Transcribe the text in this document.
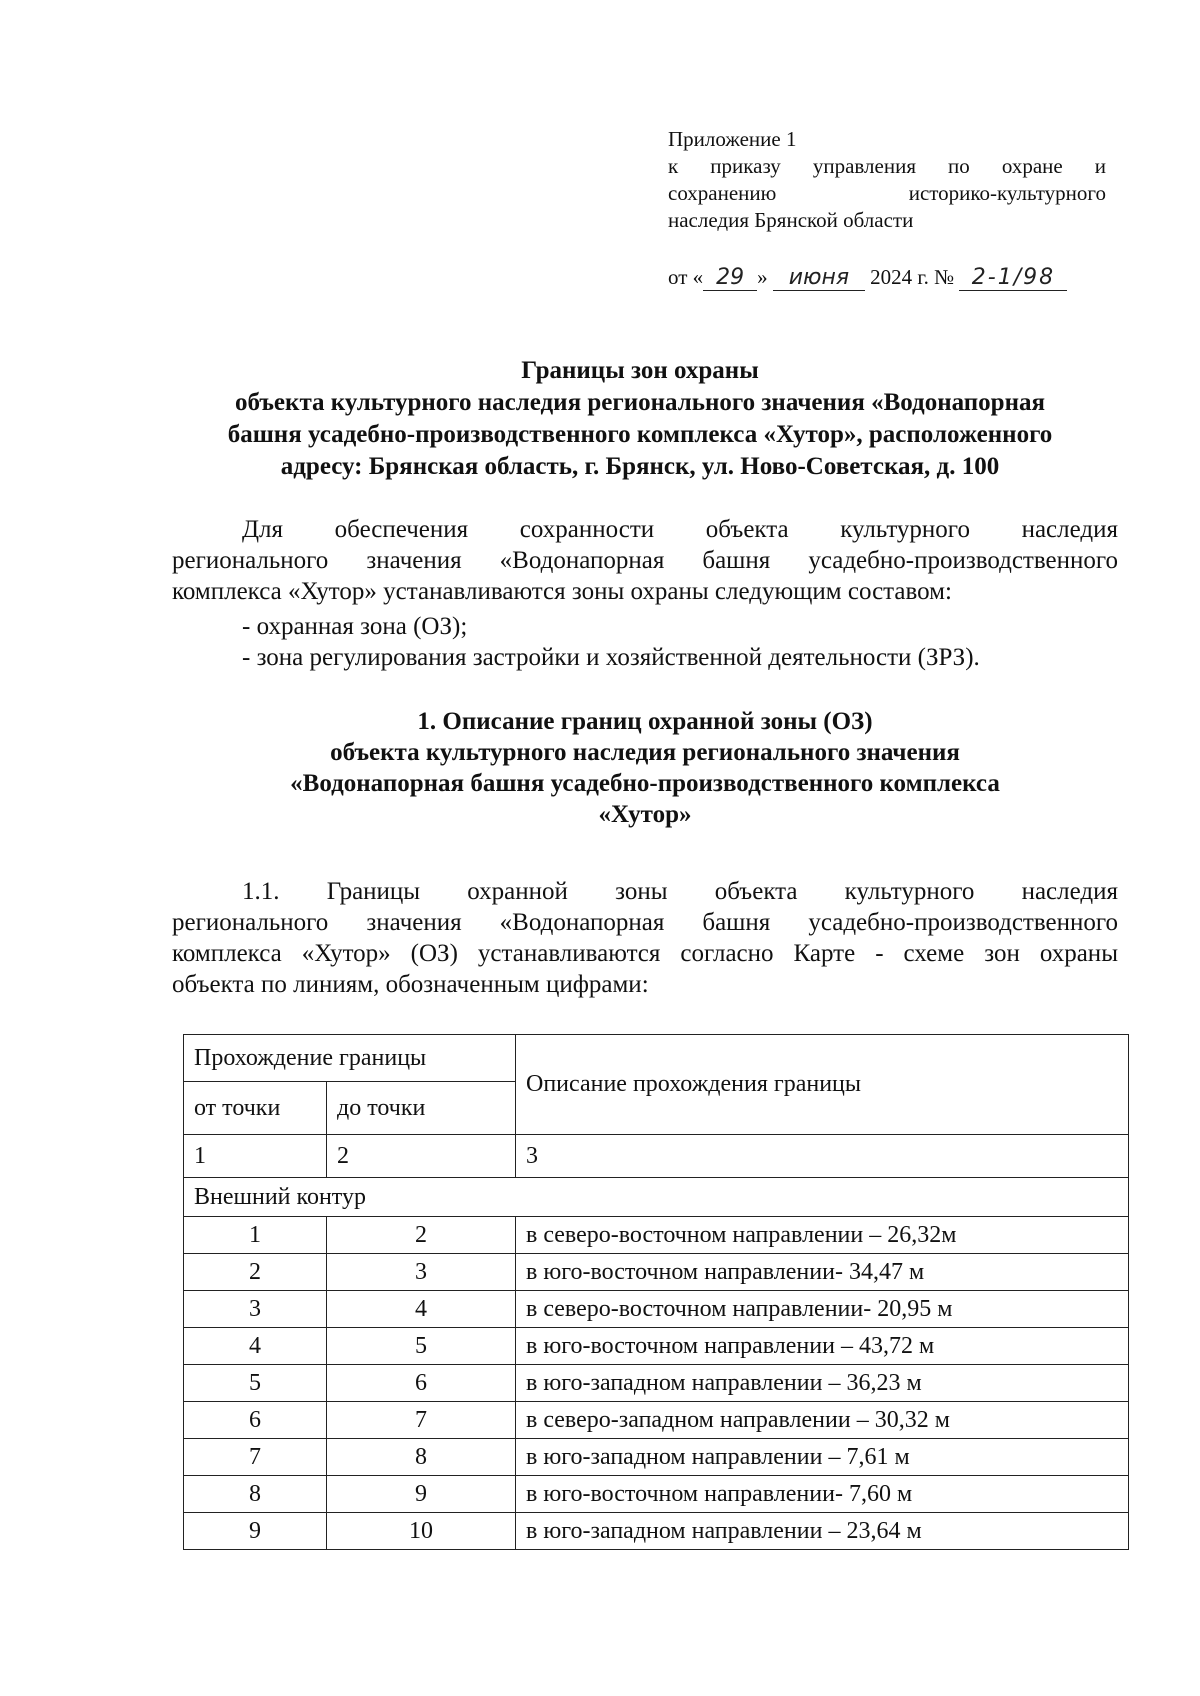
Приложение 1
к приказу управления по охране и
сохранению историко-культурного
наследия Брянской области
от « 29 » июня 2024 г. № 2-1/98
Границы зон охраны
объекта культурного наследия регионального значения «Водонапорная
башня усадебно-производственного комплекса «Хутор», расположенного
адресу: Брянская область, г. Брянск, ул. Ново-Советская, д. 100
Для обеспечения сохранности объекта культурного наследия
регионального значения «Водонапорная башня усадебно-производственного
комплекса «Хутор» устанавливаются зоны охраны следующим составом:
- охранная зона (ОЗ);
- зона регулирования застройки и хозяйственной деятельности (ЗРЗ).
1. Описание границ охранной зоны (ОЗ)
объекта культурного наследия регионального значения
«Водонапорная башня усадебно-производственного комплекса
«Хутор»
1.1. Границы охранной зоны объекта культурного наследия
регионального значения «Водонапорная башня усадебно-производственного
комплекса «Хутор» (ОЗ) устанавливаются согласно Карте - схеме зон охраны
объекта по линиям, обозначенным цифрами:
Прохождение границы		Описание прохождения границы
от точки	до точки	
1	2	3
Внешний контур		
1	2	в северо-восточном направлении – 26,32м
2	3	в юго-восточном направлении- 34,47 м
3	4	в северо-восточном направлении- 20,95 м
4	5	в юго-восточном направлении – 43,72 м
5	6	в юго-западном направлении – 36,23 м
6	7	в северо-западном направлении – 30,32 м
7	8	в юго-западном направлении – 7,61 м
8	9	в юго-восточном направлении- 7,60 м
9	10	в юго-западном направлении – 23,64 м
